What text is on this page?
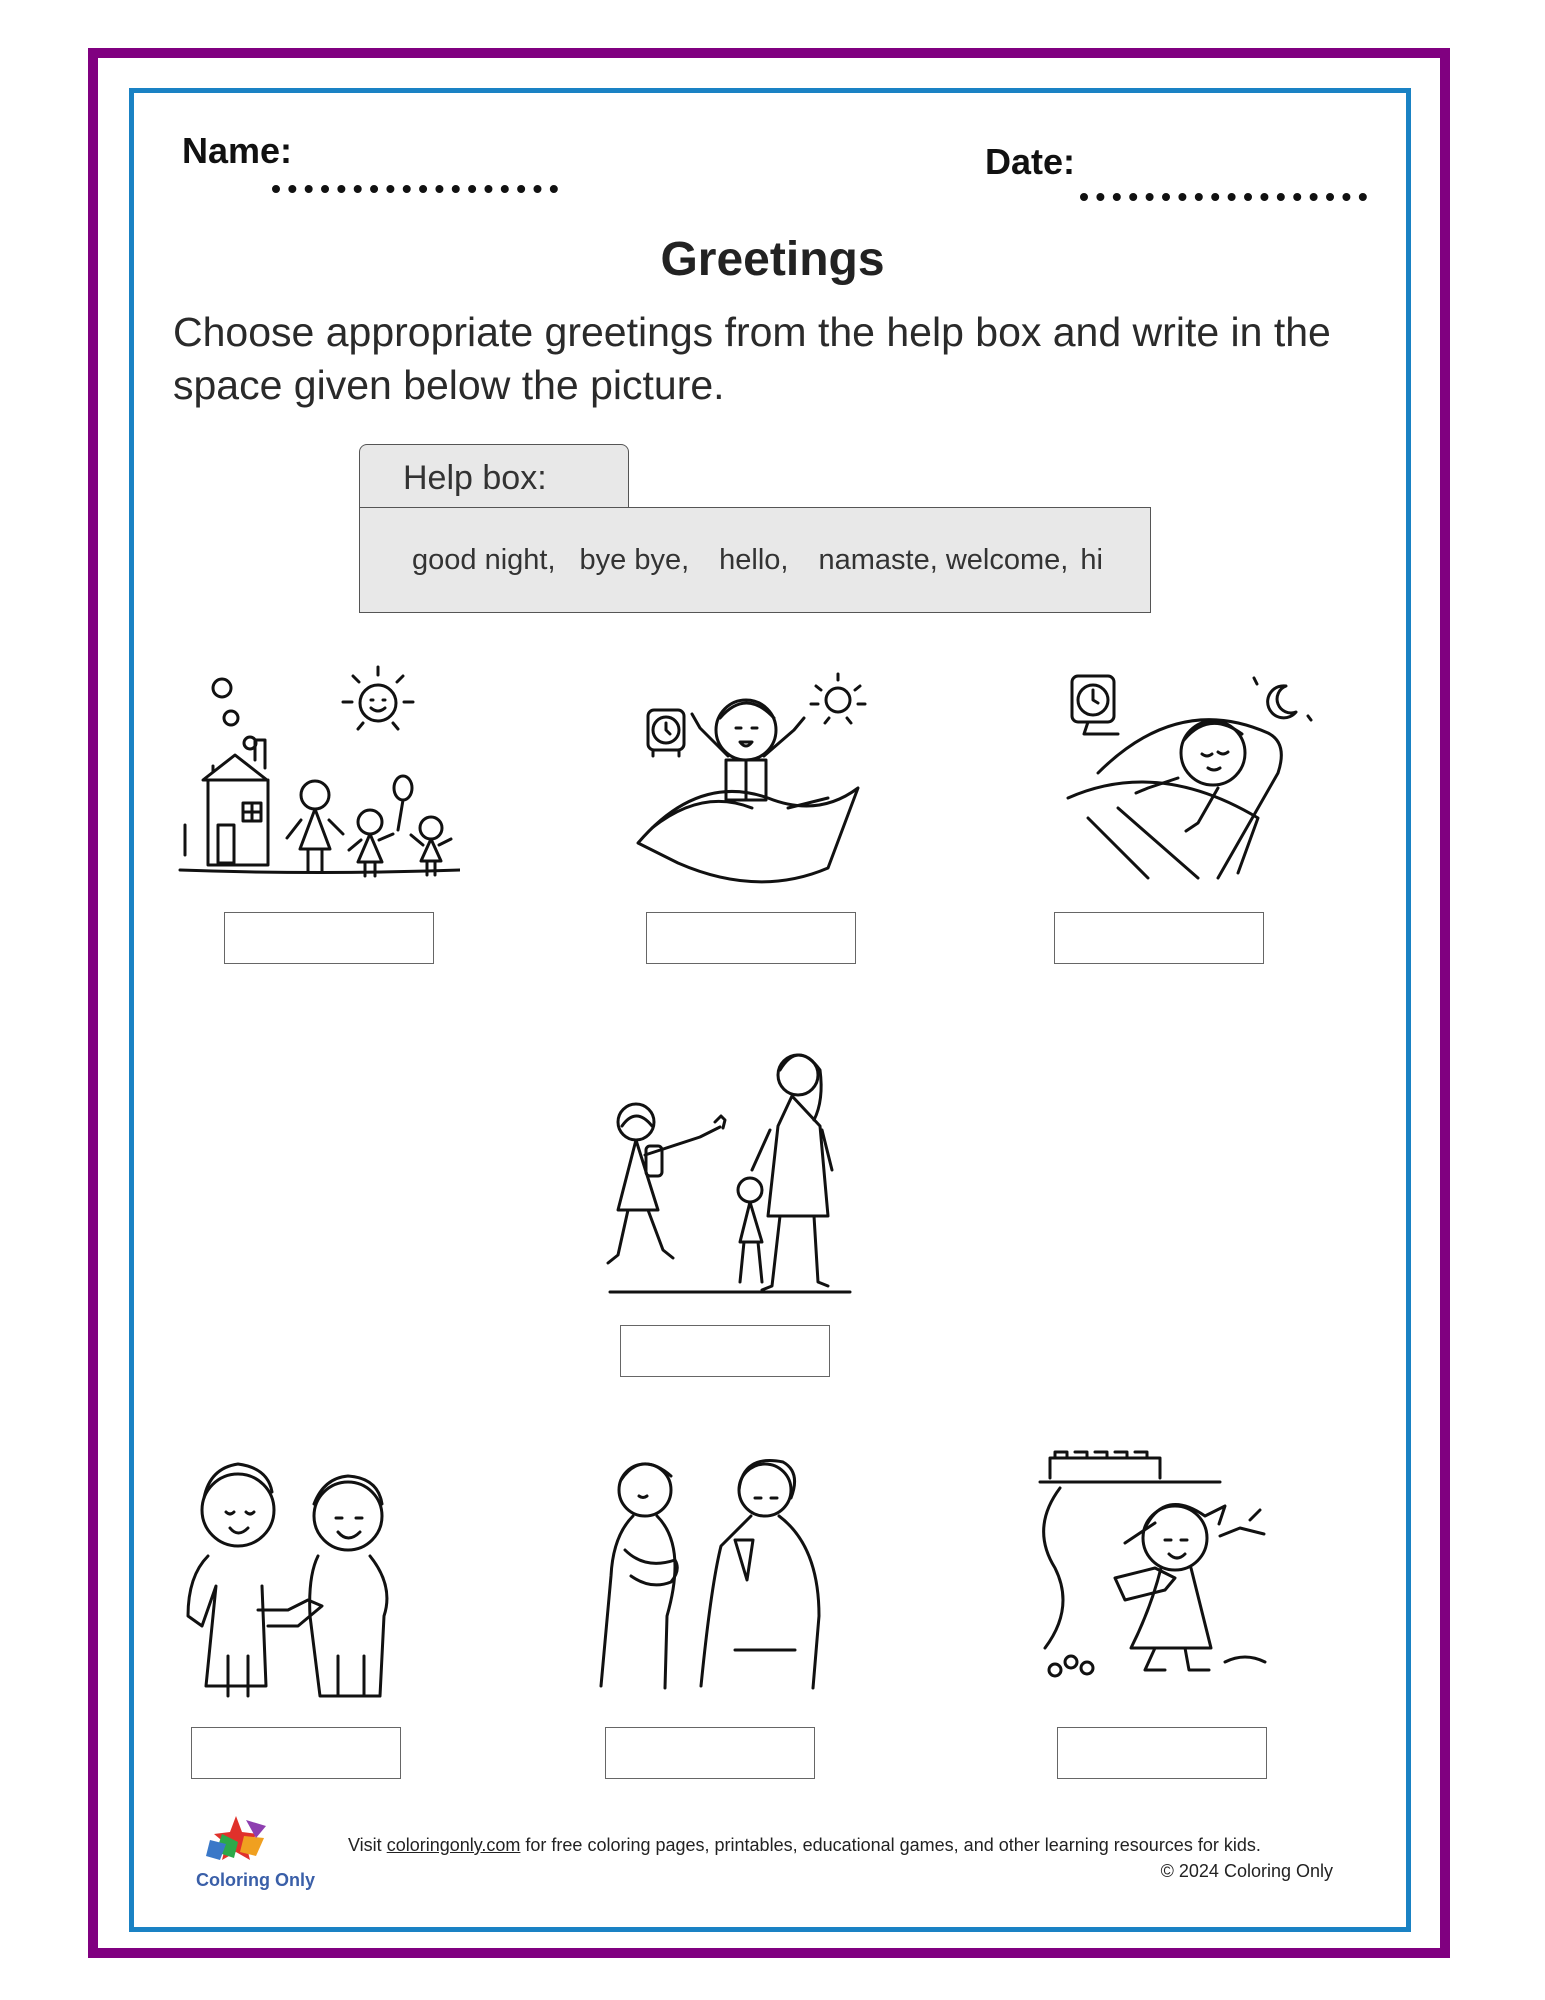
Name:	Date:
Greetings
Choose appropriate greetings from the help box and write in the space given below the picture.
Help box:
good night, bye bye, hello, namaste, welcome, hi
Coloring Only
Visit coloringonly.com for free coloring pages, printables, educational games, and other learning resources for kids.
© 2024 Coloring Only
